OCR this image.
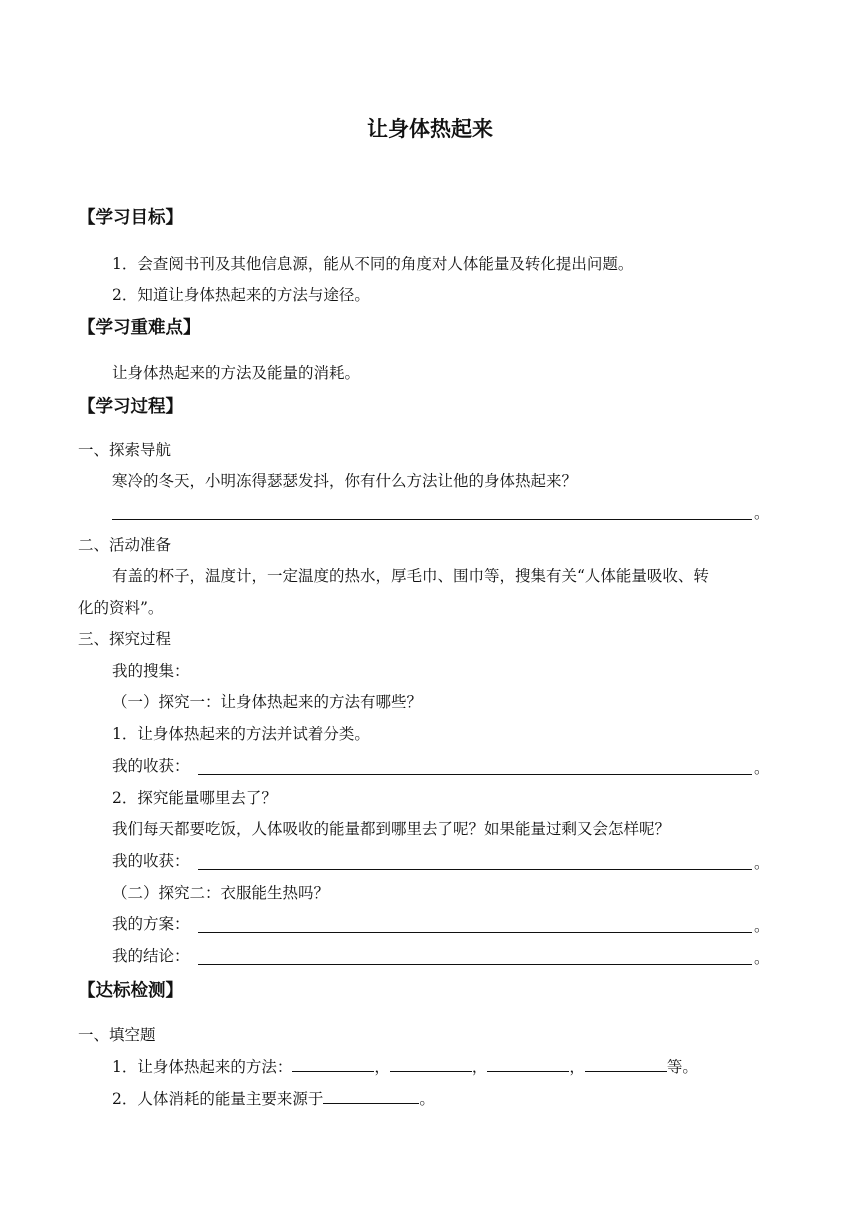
让身体热起来
【学习目标】
1．会查阅书刊及其他信息源，能从不同的角度对人体能量及转化提出问题。
2．知道让身体热起来的方法与途径。
【学习重难点】
让身体热起来的方法及能量的消耗。
【学习过程】
一、探索导航
寒冷的冬天，小明冻得瑟瑟发抖，你有什么方法让他的身体热起来？
。
二、活动准备
有盖的杯子，温度计，一定温度的热水，厚毛巾、围巾等，搜集有关“人体能量吸收、转
化的资料”。
三、探究过程
我的搜集：
（一）探究一：让身体热起来的方法有哪些？
1．让身体热起来的方法并试着分类。
我的收获：	。
2．探究能量哪里去了？
我们每天都要吃饭，人体吸收的能量都到哪里去了呢？如果能量过剩又会怎样呢？
我的收获：	。
（二）探究二：衣服能生热吗？
我的方案：	。
我的结论：	。
【达标检测】
一、填空题
1．让身体热起来的方法：	，	，	，	等。
2．人体消耗的能量主要来源于	。
